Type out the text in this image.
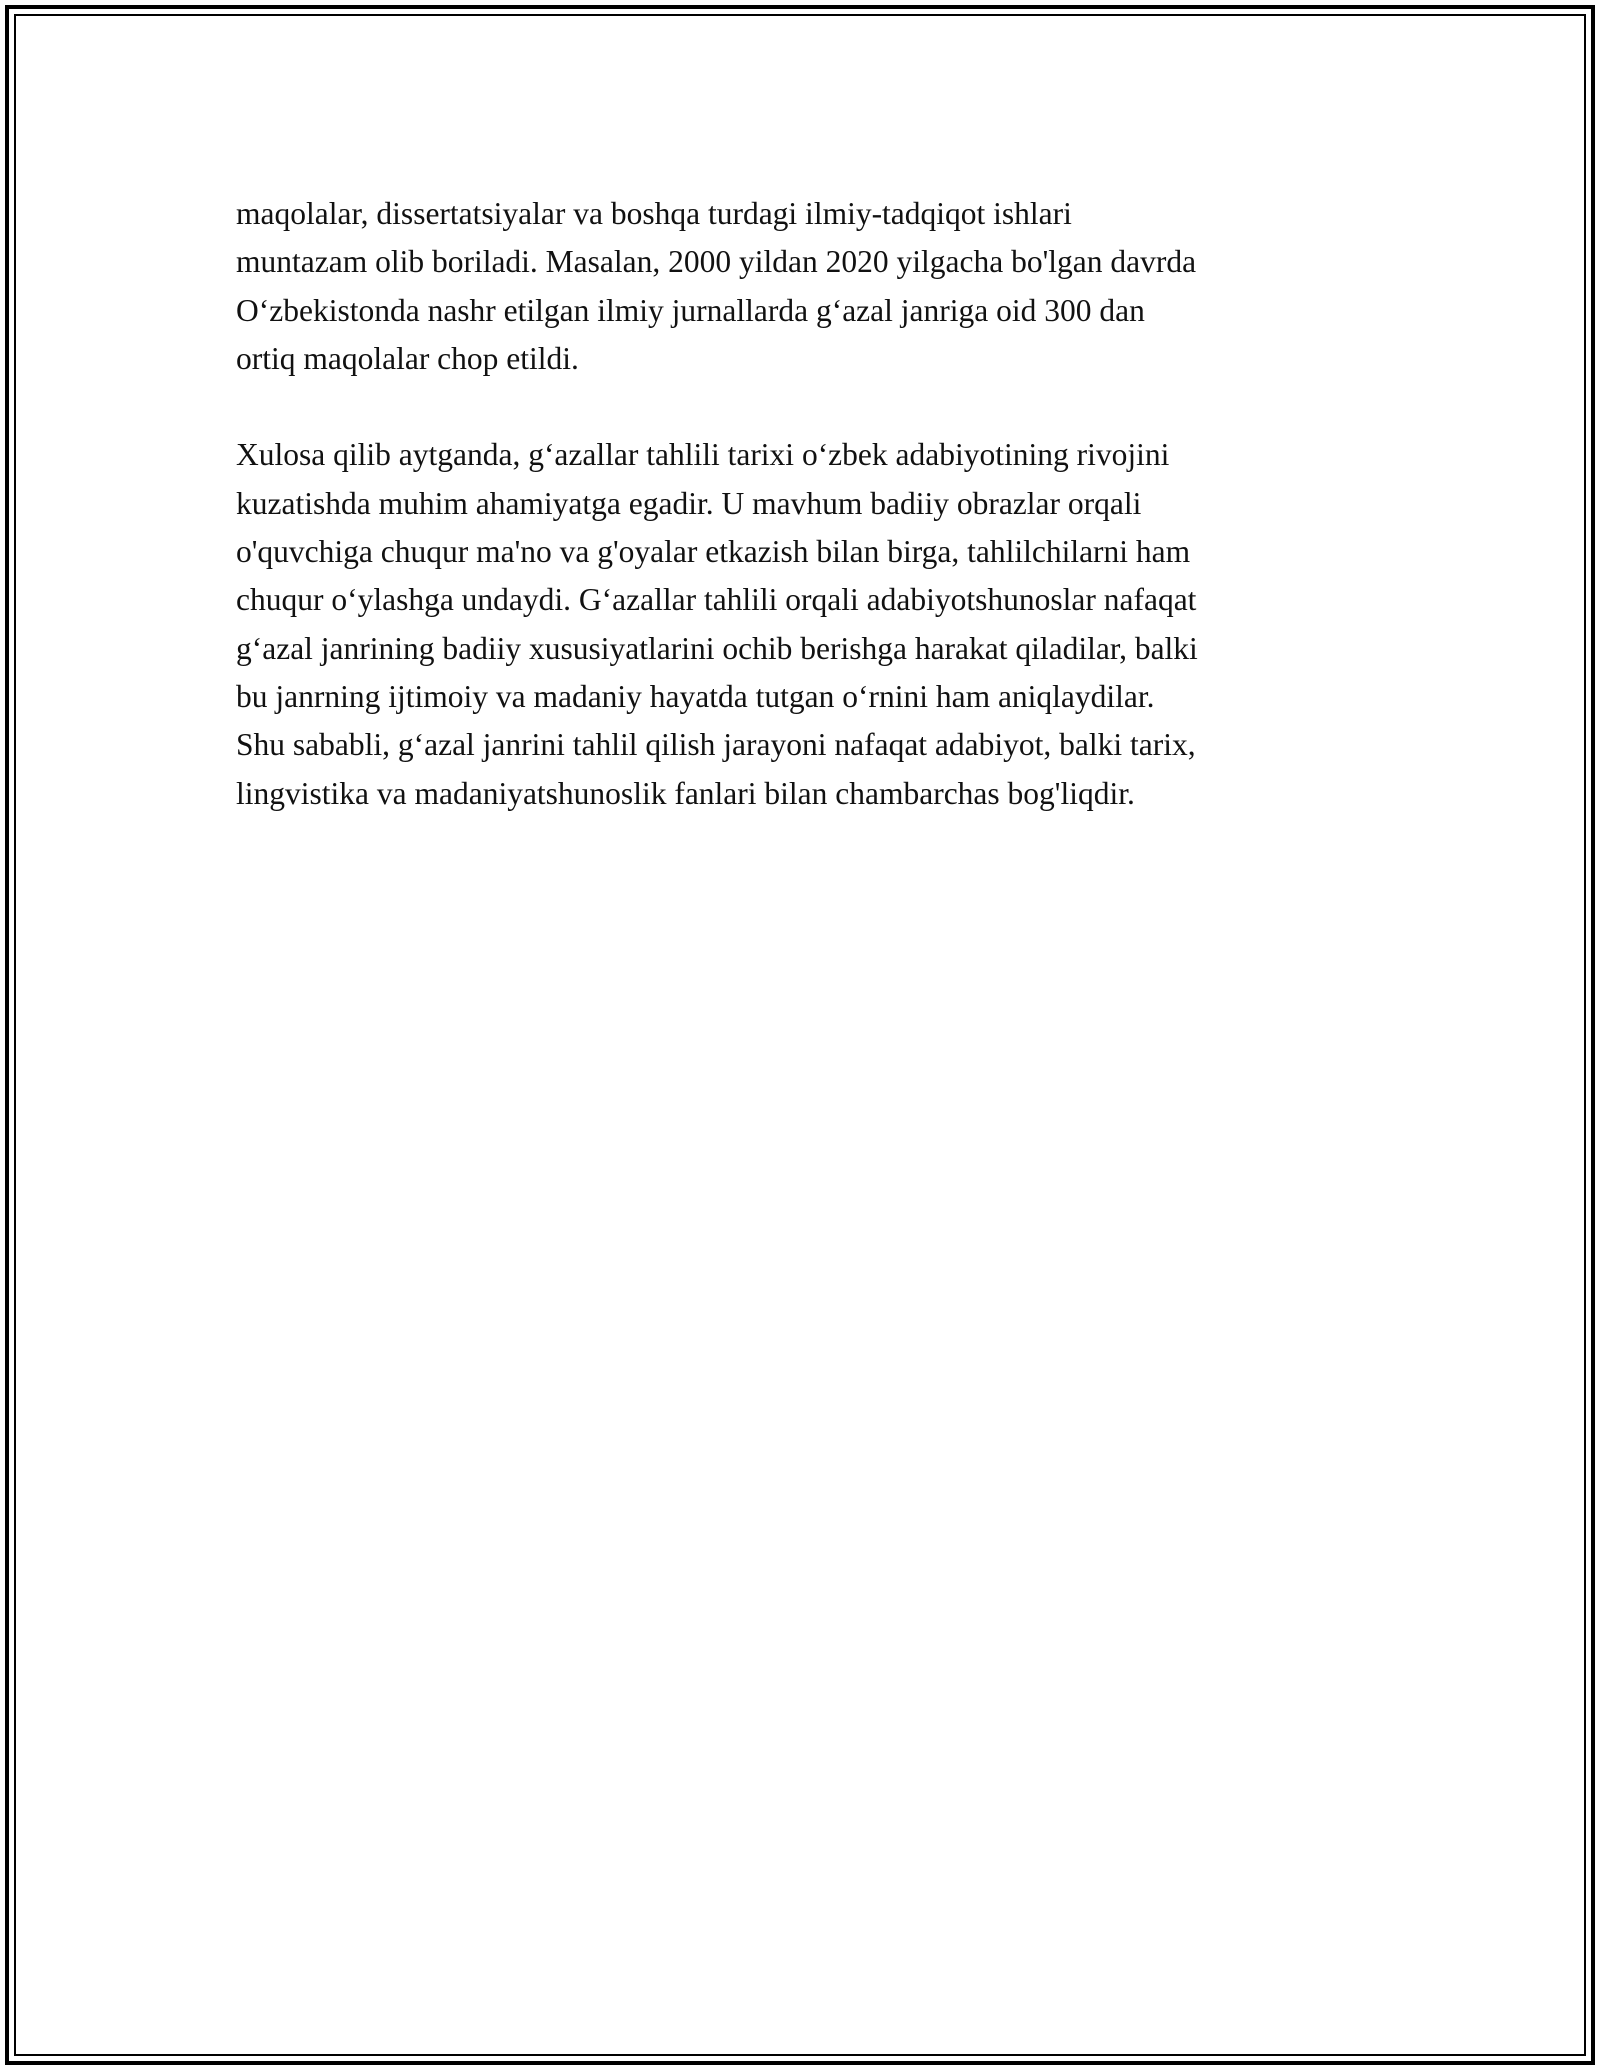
maqolalar, dissertatsiyalar va boshqa turdagi ilmiy-tadqiqot ishlari
muntazam olib boriladi. Masalan, 2000 yildan 2020 yilgacha bo'lgan davrda
O‘zbekistonda nashr etilgan ilmiy jurnallarda g‘azal janriga oid 300 dan
ortiq maqolalar chop etildi.

Xulosa qilib aytganda, g‘azallar tahlili tarixi o‘zbek adabiyotining rivojini
kuzatishda muhim ahamiyatga egadir. U mavhum badiiy obrazlar orqali
o'quvchiga chuqur ma'no va g'oyalar etkazish bilan birga, tahlilchilarni ham
chuqur o‘ylashga undaydi. G‘azallar tahlili orqali adabiyotshunoslar nafaqat
g‘azal janrining badiiy xususiyatlarini ochib berishga harakat qiladilar, balki
bu janrning ijtimoiy va madaniy hayatda tutgan o‘rnini ham aniqlaydilar.
Shu sababli, g‘azal janrini tahlil qilish jarayoni nafaqat adabiyot, balki tarix,
lingvistika va madaniyatshunoslik fanlari bilan chambarchas bog'liqdir.
